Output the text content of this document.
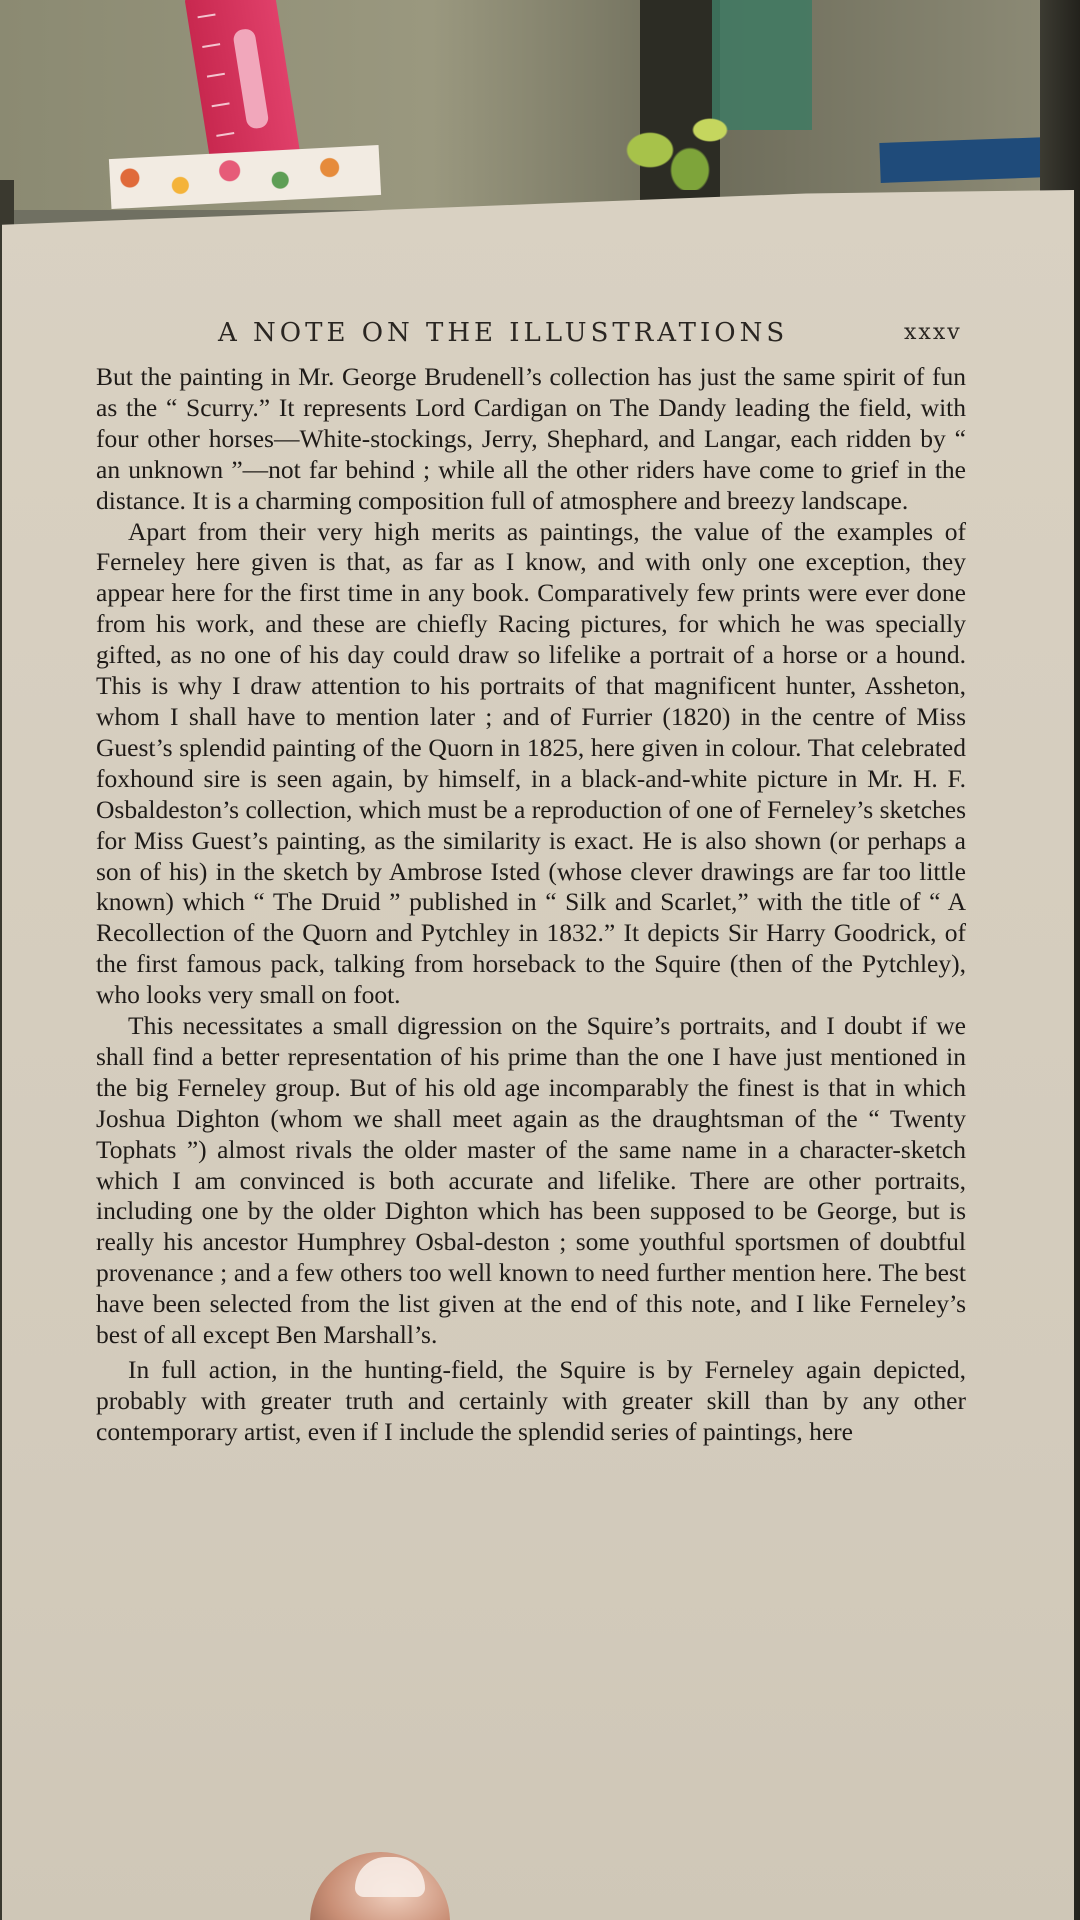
A NOTE ON THE ILLUSTRATIONS	xxxv

But the painting in Mr. George Brudenell’s collection has just the same spirit of fun as the “ Scurry.” It represents Lord Cardigan on The Dandy leading the field, with four other horses—White-stockings, Jerry, Shephard, and Langar, each ridden by “ an unknown ”—not far behind ; while all the other riders have come to grief in the distance. It is a charming composition full of atmosphere and breezy landscape.

Apart from their very high merits as paintings, the value of the examples of Ferneley here given is that, as far as I know, and with only one exception, they appear here for the first time in any book. Comparatively few prints were ever done from his work, and these are chiefly Racing pictures, for which he was specially gifted, as no one of his day could draw so lifelike a portrait of a horse or a hound. This is why I draw attention to his portraits of that magnificent hunter, Assheton, whom I shall have to mention later ; and of Furrier (1820) in the centre of Miss Guest’s splendid painting of the Quorn in 1825, here given in colour. That celebrated foxhound sire is seen again, by himself, in a black-and-white picture in Mr. H. F. Osbaldeston’s collection, which must be a reproduction of one of Ferneley’s sketches for Miss Guest’s painting, as the similarity is exact. He is also shown (or perhaps a son of his) in the sketch by Ambrose Isted (whose clever drawings are far too little known) which “ The Druid ” published in “ Silk and Scarlet,” with the title of “ A Recollection of the Quorn and Pytchley in 1832.” It depicts Sir Harry Goodrick, of the first famous pack, talking from horseback to the Squire (then of the Pytchley), who looks very small on foot.

This necessitates a small digression on the Squire’s portraits, and I doubt if we shall find a better representation of his prime than the one I have just mentioned in the big Ferneley group. But of his old age incomparably the finest is that in which Joshua Dighton (whom we shall meet again as the draughtsman of the “ Twenty Tophats ”) almost rivals the older master of the same name in a character-sketch which I am convinced is both accurate and lifelike. There are other portraits, including one by the older Dighton which has been supposed to be George, but is really his ancestor Humphrey Osbal-deston ; some youthful sportsmen of doubtful provenance ; and a few others too well known to need further mention here. The best have been selected from the list given at the end of this note, and I like Ferneley’s best of all except Ben Marshall’s.

In full action, in the hunting-field, the Squire is by Ferneley again depicted, probably with greater truth and certainly with greater skill than by any other contemporary artist, even if I include the splendid series of paintings, here
